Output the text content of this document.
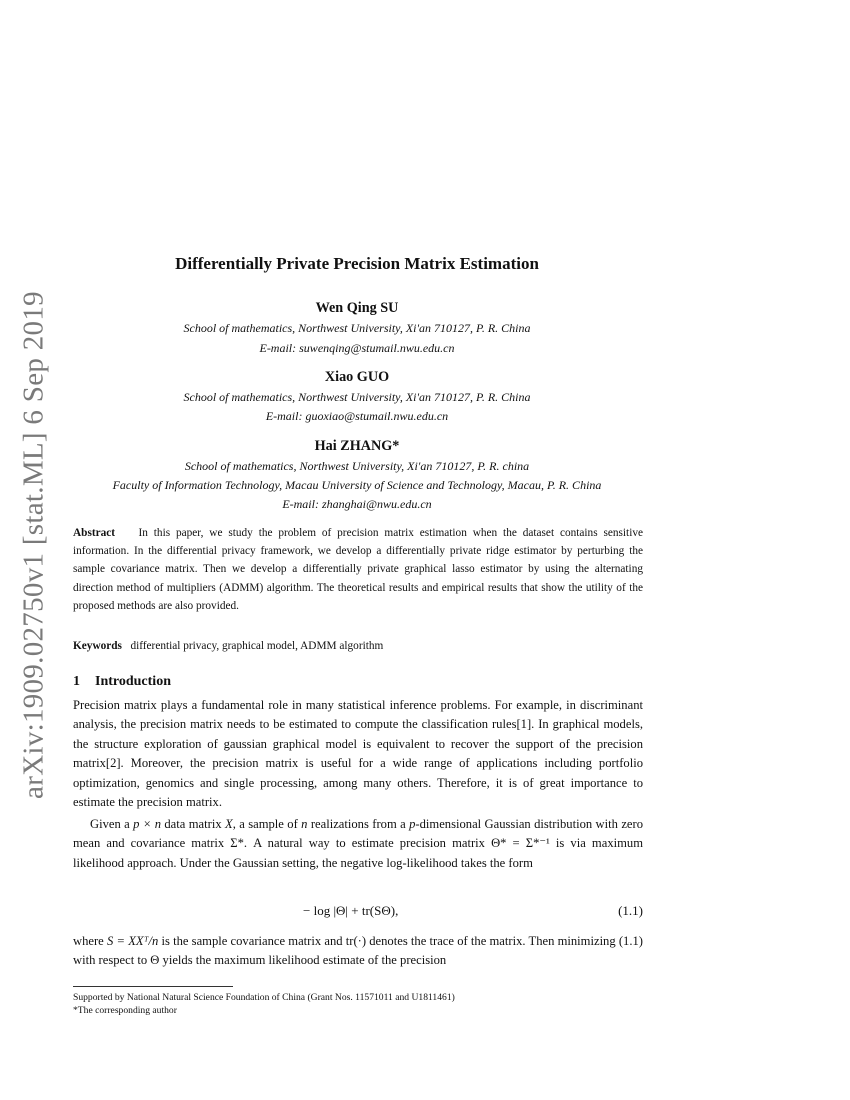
arXiv:1909.02750v1 [stat.ML] 6 Sep 2019
Differentially Private Precision Matrix Estimation
Wen Qing SU
School of mathematics, Northwest University, Xi'an 710127, P. R. China
E-mail: suwenqing@stumail.nwu.edu.cn
Xiao GUO
School of mathematics, Northwest University, Xi'an 710127, P. R. China
E-mail: guoxiao@stumail.nwu.edu.cn
Hai ZHANG*
School of mathematics, Northwest University, Xi'an 710127, P. R. china
Faculty of Information Technology, Macau University of Science and Technology, Macau, P. R. China
E-mail: zhanghai@nwu.edu.cn
Abstract In this paper, we study the problem of precision matrix estimation when the dataset contains sensitive information. In the differential privacy framework, we develop a differentially private ridge estimator by perturbing the sample covariance matrix. Then we develop a differentially private graphical lasso estimator by using the alternating direction method of multipliers (ADMM) algorithm. The theoretical results and empirical results that show the utility of the proposed methods are also provided.
Keywords differential privacy, graphical model, ADMM algorithm
1 Introduction
Precision matrix plays a fundamental role in many statistical inference problems. For example, in discriminant analysis, the precision matrix needs to be estimated to compute the classification rules[1]. In graphical models, the structure exploration of gaussian graphical model is equivalent to recover the support of the precision matrix[2]. Moreover, the precision matrix is useful for a wide range of applications including portfolio optimization, genomics and single processing, among many others. Therefore, it is of great importance to estimate the precision matrix.
Given a p × n data matrix X, a sample of n realizations from a p-dimensional Gaussian distribution with zero mean and covariance matrix Σ*. A natural way to estimate precision matrix Θ* = Σ*⁻¹ is via maximum likelihood approach. Under the Gaussian setting, the negative log-likelihood takes the form
− log |Θ| + tr(SΘ),	(1.1)
where S = XXᵀ/n is the sample covariance matrix and tr(·) denotes the trace of the matrix. Then minimizing (1.1) with respect to Θ yields the maximum likelihood estimate of the precision
Supported by National Natural Science Foundation of China (Grant Nos. 11571011 and U1811461)
*The corresponding author
